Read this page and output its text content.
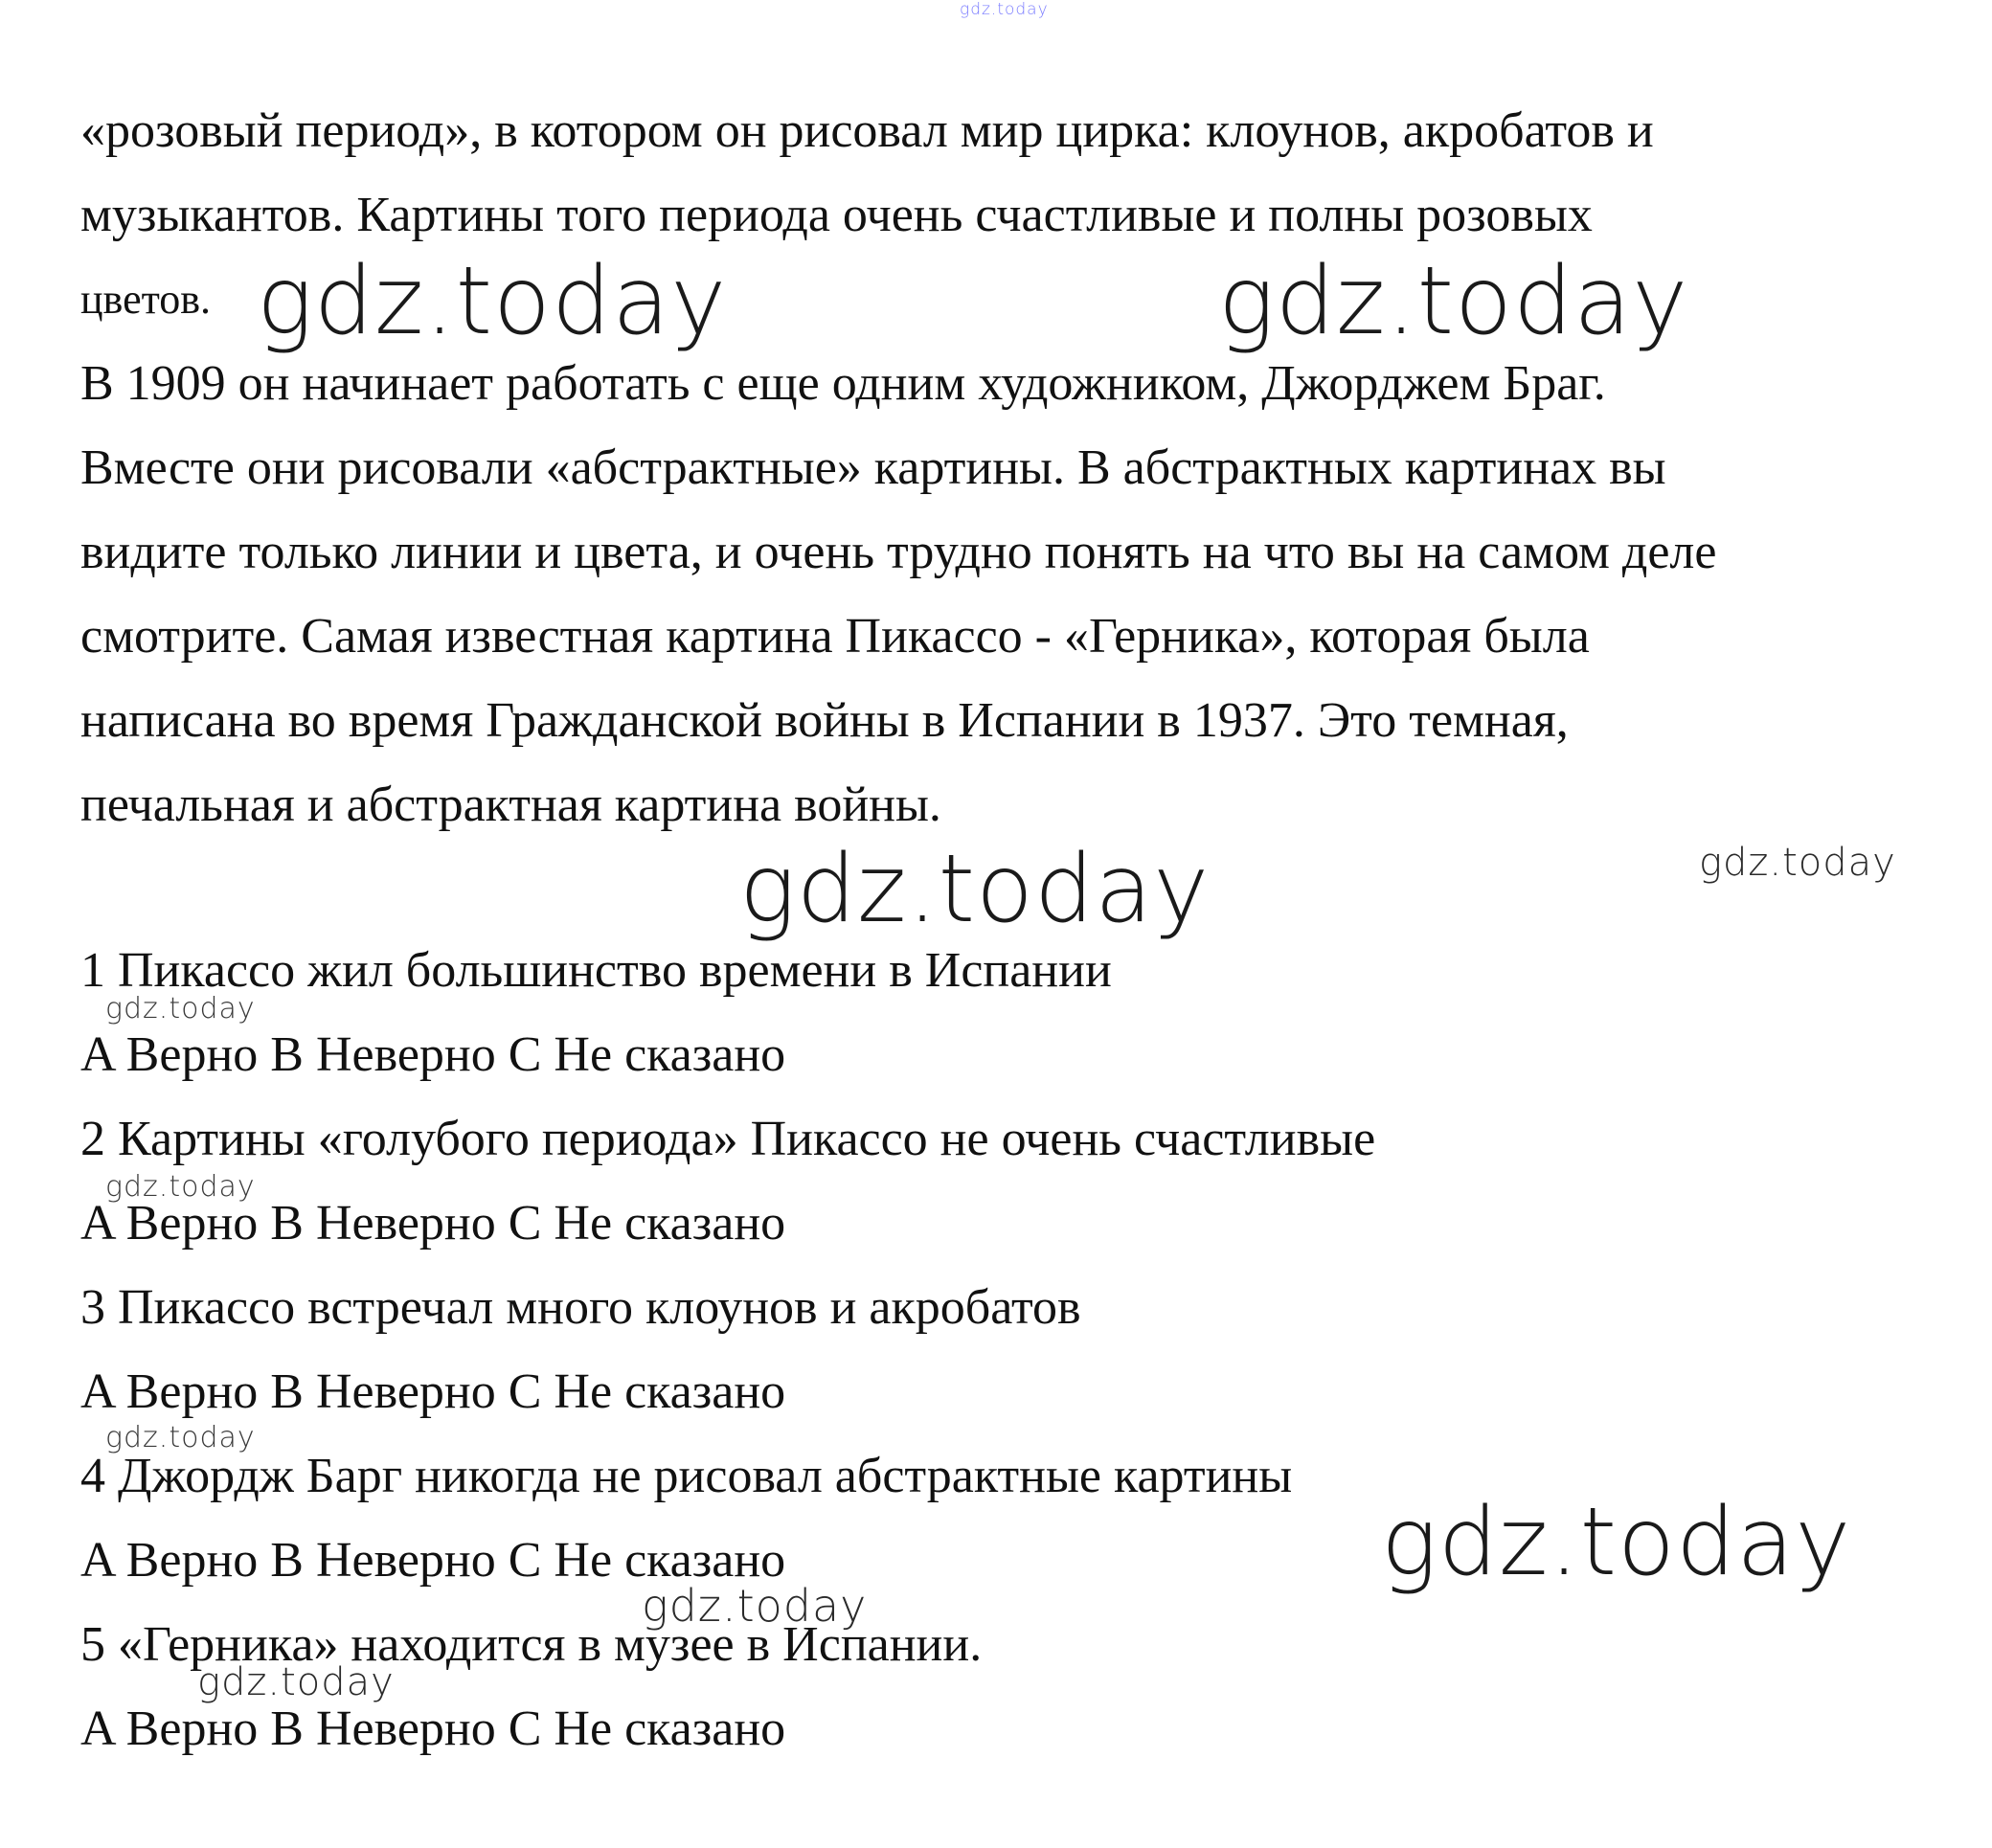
gdz.today
«розовый период», в котором он рисовал мир цирка: клоунов, акробатов и
музыкантов. Картины того периода очень счастливые и полны розовых
цветов.
В 1909 он начинает работать с еще одним художником, Джорджем Браг.
Вместе они рисовали «абстрактные» картины. В абстрактных картинах вы
видите только линии и цвета, и очень трудно понять на что вы на самом деле
смотрите. Самая известная картина Пикассо - «Герника», которая была
написана во время Гражданской войны в Испании в 1937. Это темная,
печальная и абстрактная картина войны.
gdz.today	gdz.today
gdz.today	gdz.today
gdz.today
1 Пикассо жил большинство времени в Испании
A Верно B Неверно C Не сказано
2 Картины «голубого периода» Пикассо не очень счастливые
A Верно B Неверно C Не сказано
3 Пикассо встречал много клоунов и акробатов
A Верно B Неверно C Не сказано
4 Джордж Барг никогда не рисовал абстрактные картины
A Верно B Неверно C Не сказано
5 «Герника» находится в музее в Испании.
A Верно B Неверно C Не сказано
gdz.today
gdz.today
gdz.today
gdz.today
gdz.today
